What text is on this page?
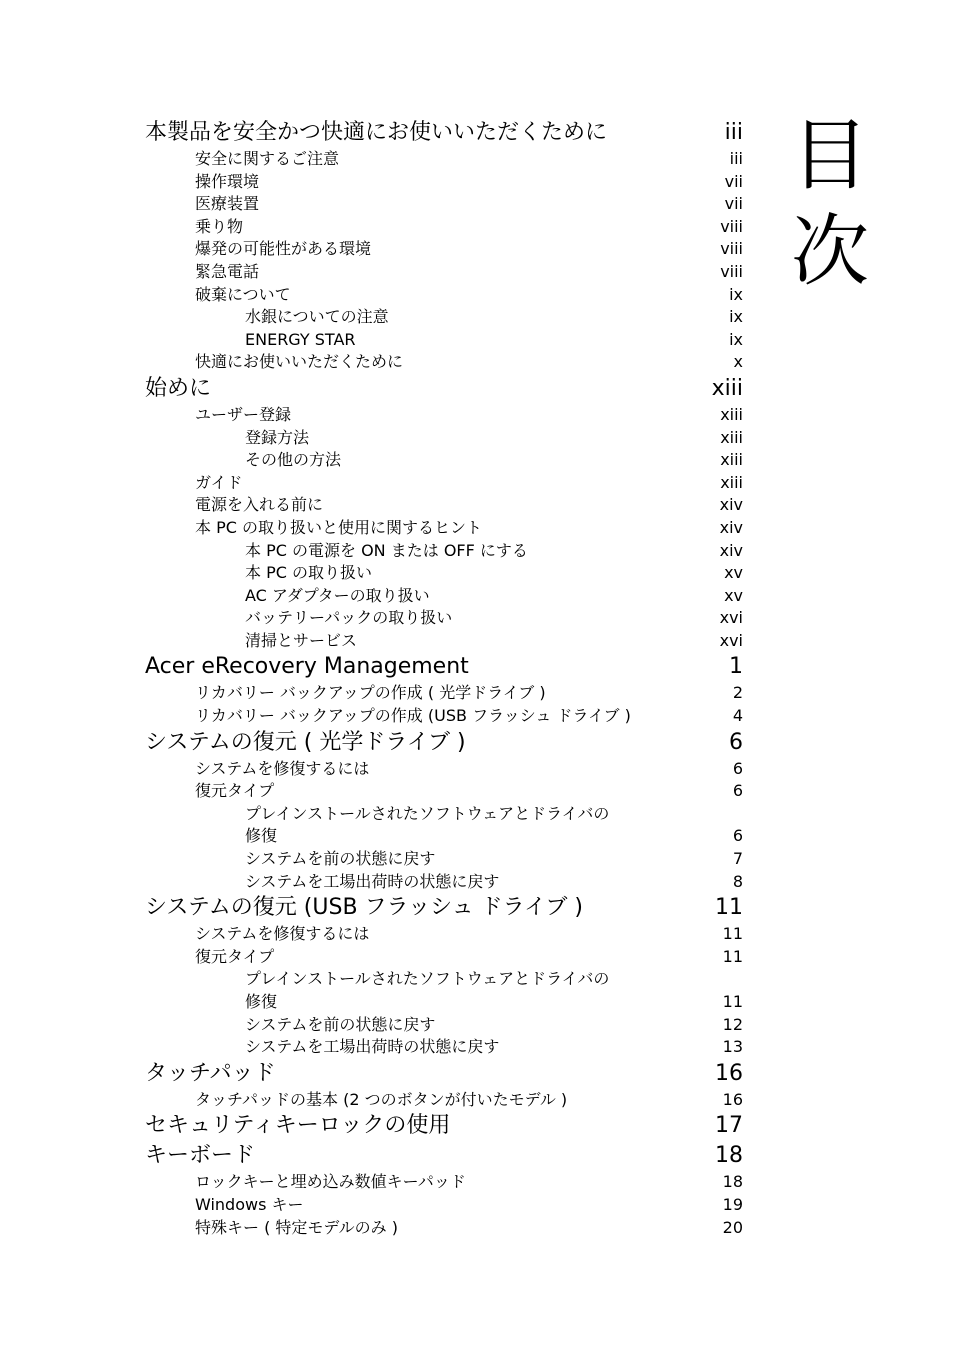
目
次
本製品を安全かつ快適にお使いいただくために	iii
安全に関するご注意	iii
操作環境	vii
医療装置	vii
乗り物	viii
爆発の可能性がある環境	viii
緊急電話	viii
破棄について	ix
水銀についての注意	ix
ENERGY STAR	ix
快適にお使いいただくために	x
始めに	xiii
ユーザー登録	xiii
登録方法	xiii
その他の方法	xiii
ガイド	xiii
電源を入れる前に	xiv
本 PC の取り扱いと使用に関するヒント	xiv
本 PC の電源を ON または OFF にする	xiv
本 PC の取り扱い	xv
AC アダプターの取り扱い	xv
バッテリーパックの取り扱い	xvi
清掃とサービス	xvi
Acer eRecovery Management	1
リカバリー バックアップの作成 ( 光学ドライブ )	2
リカバリー バックアップの作成 (USB フラッシュ ドライブ )	4
システムの復元 ( 光学ドライブ )	6
システムを修復するには	6
復元タイプ	6
プレインストールされたソフトウェアとドライバの
修復	6
システムを前の状態に戻す	7
システムを工場出荷時の状態に戻す	8
システムの復元 (USB フラッシュ ドライブ )	11
システムを修復するには	11
復元タイプ	11
プレインストールされたソフトウェアとドライバの
修復	11
システムを前の状態に戻す	12
システムを工場出荷時の状態に戻す	13
タッチパッド	16
タッチパッドの基本 (2 つのボタンが付いたモデル )	16
セキュリティキーロックの使用	17
キーボード	18
ロックキーと埋め込み数値キーパッド	18
Windows キー	19
特殊キー ( 特定モデルのみ )	20
